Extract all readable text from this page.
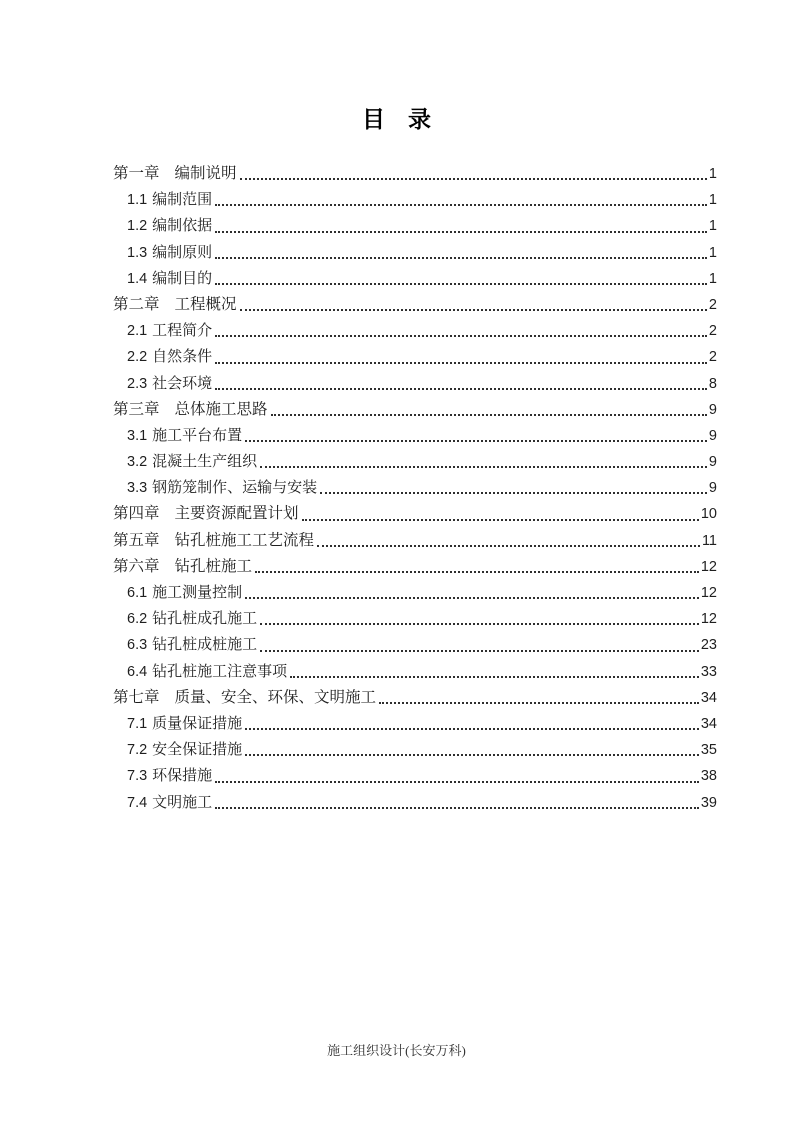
目　录
第一章 编制说明	1
1.1 编制范围	1
1.2 编制依据	1
1.3 编制原则	1
1.4 编制目的	1
第二章 工程概况	2
2.1 工程简介	2
2.2 自然条件	2
2.3 社会环境	8
第三章 总体施工思路	9
3.1 施工平台布置	9
3.2 混凝土生产组织	9
3.3 钢筋笼制作、运输与安装	9
第四章 主要资源配置计划	10
第五章 钻孔桩施工工艺流程	11
第六章 钻孔桩施工	12
6.1 施工测量控制	12
6.2 钻孔桩成孔施工	12
6.3 钻孔桩成桩施工	23
6.4 钻孔桩施工注意事项	33
第七章 质量、安全、环保、文明施工	34
7.1 质量保证措施	34
7.2 安全保证措施	35
7.3 环保措施	38
7.4 文明施工	39
施工组织设计(长安万科)
